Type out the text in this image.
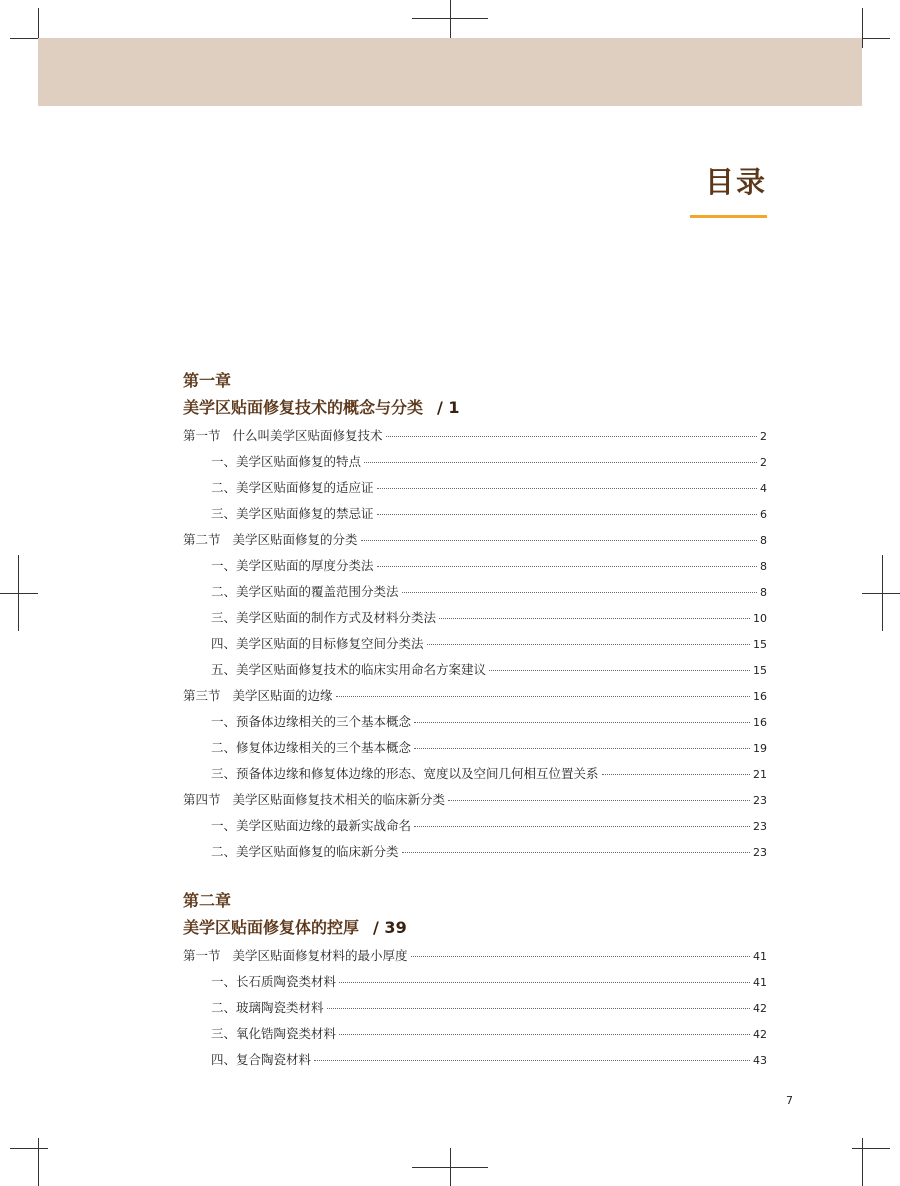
目录
第一章
美学区贴面修复技术的概念与分类 / 1
第一节 什么叫美学区贴面修复技术	2
一、美学区贴面修复的特点	2
二、美学区贴面修复的适应证	4
三、美学区贴面修复的禁忌证	6
第二节 美学区贴面修复的分类	8
一、美学区贴面的厚度分类法	8
二、美学区贴面的覆盖范围分类法	8
三、美学区贴面的制作方式及材料分类法	10
四、美学区贴面的目标修复空间分类法	15
五、美学区贴面修复技术的临床实用命名方案建议	15
第三节 美学区贴面的边缘	16
一、预备体边缘相关的三个基本概念	16
二、修复体边缘相关的三个基本概念	19
三、预备体边缘和修复体边缘的形态、宽度以及空间几何相互位置关系	21
第四节 美学区贴面修复技术相关的临床新分类	23
一、美学区贴面边缘的最新实战命名	23
二、美学区贴面修复的临床新分类	23
第二章
美学区贴面修复体的控厚 / 39
第一节 美学区贴面修复材料的最小厚度	41
一、长石质陶瓷类材料	41
二、玻璃陶瓷类材料	42
三、氧化锆陶瓷类材料	42
四、复合陶瓷材料	43
7
